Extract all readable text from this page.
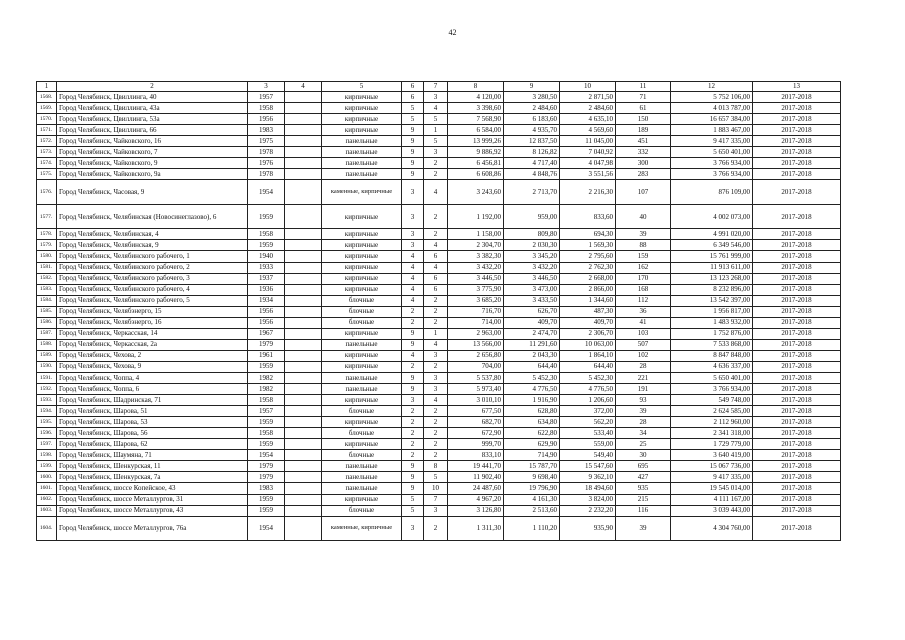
42
1	2	3	4	5	6	7	8	9	10	11	12	13
1568.	Город Челябинск, Цвиллинга, 40	1957		кирпичные	6	3	4 120,00	3 280,50	2 871,50	71	5 752 106,00	2017-2018
1569.	Город Челябинск, Цвиллинга, 43а	1958		кирпичные	5	4	3 398,60	2 484,60	2 484,60	61	4 013 787,00	2017-2018
1570.	Город Челябинск, Цвиллинга, 53а	1956		кирпичные	5	5	7 568,90	6 183,60	4 635,10	150	16 657 384,00	2017-2018
1571.	Город Челябинск, Цвиллинга, 66	1983		кирпичные	9	1	6 584,00	4 935,70	4 569,60	189	1 883 467,00	2017-2018
1572.	Город Челябинск, Чайковского, 16	1975		панельные	9	5	13 999,26	12 837,50	11 045,00	451	9 417 335,00	2017-2018
1573.	Город Челябинск, Чайковского, 7	1978		панельные	9	3	9 886,92	8 126,82	7 040,92	332	5 650 401,00	2017-2018
1574.	Город Челябинск, Чайковского, 9	1976		панельные	9	2	6 456,81	4 717,40	4 047,98	300	3 766 934,00	2017-2018
1575.	Город Челябинск, Чайковского, 9а	1978		панельные	9	2	6 608,86	4 848,76	3 551,56	283	3 766 934,00	2017-2018
1576.	Город Челябинск, Часовая, 9	1954		каменные, кирпичные	3	4	3 243,60	2 713,70	2 216,30	107	876 109,00	2017-2018
1577.	Город Челябинск, Челябинская (Новосинеглазово), 6	1959		кирпичные	3	2	1 192,00	959,00	833,60	40	4 002 073,00	2017-2018
1578.	Город Челябинск, Челябинская, 4	1958		кирпичные	3	2	1 158,00	809,80	694,30	39	4 991 020,00	2017-2018
1579.	Город Челябинск, Челябинская, 9	1959		кирпичные	3	4	2 304,70	2 030,30	1 569,30	88	6 349 546,00	2017-2018
1580.	Город Челябинск, Челябинского рабочего, 1	1940		кирпичные	4	6	3 382,30	3 345,20	2 795,60	159	15 761 999,00	2017-2018
1581.	Город Челябинск, Челябинского рабочего, 2	1933		кирпичные	4	4	3 432,20	3 432,20	2 762,30	162	11 913 611,00	2017-2018
1582.	Город Челябинск, Челябинского рабочего, 3	1937		кирпичные	4	6	3 446,50	3 446,50	2 668,00	170	13 123 268,00	2017-2018
1583.	Город Челябинск, Челябинского рабочего, 4	1936		кирпичные	4	6	3 775,90	3 473,00	2 866,00	168	8 232 896,00	2017-2018
1584.	Город Челябинск, Челябинского рабочего, 5	1934		блочные	4	2	3 685,20	3 433,50	1 344,60	112	13 542 397,00	2017-2018
1585.	Город Челябинск, Челябэнерго, 15	1956		блочные	2	2	716,70	626,70	487,30	36	1 956 817,00	2017-2018
1586.	Город Челябинск, Челябэнерго, 16	1956		блочные	2	2	714,00	409,70	409,70	41	1 483 932,00	2017-2018
1587.	Город Челябинск, Черкасская, 14	1967		кирпичные	9	1	2 963,00	2 474,70	2 306,70	103	1 752 876,00	2017-2018
1588.	Город Челябинск, Черкасская, 2а	1979		панельные	9	4	13 566,00	11 291,60	10 063,00	507	7 533 868,00	2017-2018
1589.	Город Челябинск, Чехова, 2	1961		кирпичные	4	3	2 656,80	2 043,30	1 864,10	102	8 847 848,00	2017-2018
1590.	Город Челябинск, Чехова, 9	1959		кирпичные	2	2	704,00	644,40	644,40	28	4 636 337,00	2017-2018
1591.	Город Челябинск, Чоппа, 4	1982		панельные	9	3	5 537,80	5 452,30	5 452,30	221	5 650 401,00	2017-2018
1592.	Город Челябинск, Чоппа, 6	1982		панельные	9	3	5 973,40	4 776,50	4 776,50	191	3 766 934,00	2017-2018
1593.	Город Челябинск, Шадринская, 71	1958		кирпичные	3	4	3 010,10	1 916,90	1 206,60	93	549 748,00	2017-2018
1594.	Город Челябинск, Шарова, 51	1957		блочные	2	2	677,50	628,80	372,00	39	2 624 585,00	2017-2018
1595.	Город Челябинск, Шарова, 53	1959		кирпичные	2	2	682,70	634,80	562,20	28	2 112 960,00	2017-2018
1596.	Город Челябинск, Шарова, 56	1958		блочные	2	2	672,90	622,80	533,40	34	2 341 318,00	2017-2018
1597.	Город Челябинск, Шарова, 62	1959		кирпичные	2	2	999,70	629,90	559,00	25	1 729 779,00	2017-2018
1598.	Город Челябинск, Шаумяна, 71	1954		блочные	2	2	833,10	714,90	549,40	30	3 640 419,00	2017-2018
1599.	Город Челябинск, Шенкурская, 11	1979		панельные	9	8	19 441,70	15 787,70	15 547,60	695	15 067 736,00	2017-2018
1600.	Город Челябинск, Шенкурская, 7а	1979		панельные	9	5	11 902,40	9 698,40	9 362,10	427	9 417 335,00	2017-2018
1601.	Город Челябинск, шоссе Копейское, 43	1983		панельные	9	10	24 487,60	19 796,90	18 494,60	935	19 545 014,00	2017-2018
1602.	Город Челябинск, шоссе Металлургов, 31	1959		кирпичные	5	7	4 967,20	4 161,30	3 824,00	215	4 111 167,00	2017-2018
1603.	Город Челябинск, шоссе Металлургов, 43	1959		блочные	5	3	3 126,80	2 513,60	2 232,20	116	3 039 443,00	2017-2018
1604.	Город Челябинск, шоссе Металлургов, 76а	1954		каменные, кирпичные	3	2	1 311,30	1 110,20	935,90	39	4 304 760,00	2017-2018
